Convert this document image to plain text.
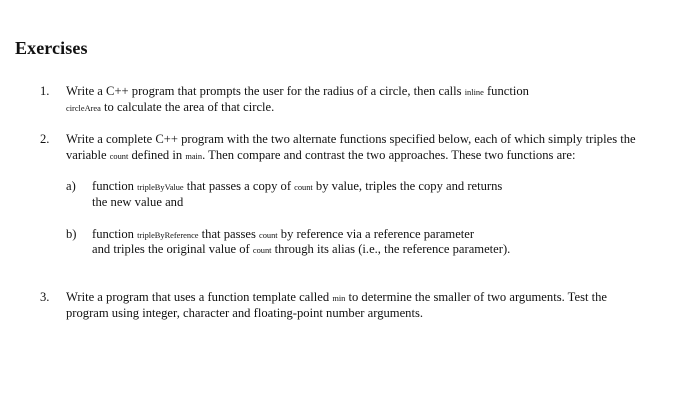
Exercises
1. Write a C++ program that prompts the user for the radius of a circle, then calls inline function
circleArea to calculate the area of that circle.
2. Write a complete C++ program with the two alternate functions specified below, each of which simply triples the
variable count defined in main. Then compare and contrast the two approaches. These two functions are:
a) function tripleByValue that passes a copy of count by value, triples the copy and returns
the new value and
b) function tripleByReference that passes count by reference via a reference parameter
and triples the original value of count through its alias (i.e., the reference parameter).
3. Write a program that uses a function template called min to determine the smaller of two arguments. Test the
program using integer, character and floating-point number arguments.
